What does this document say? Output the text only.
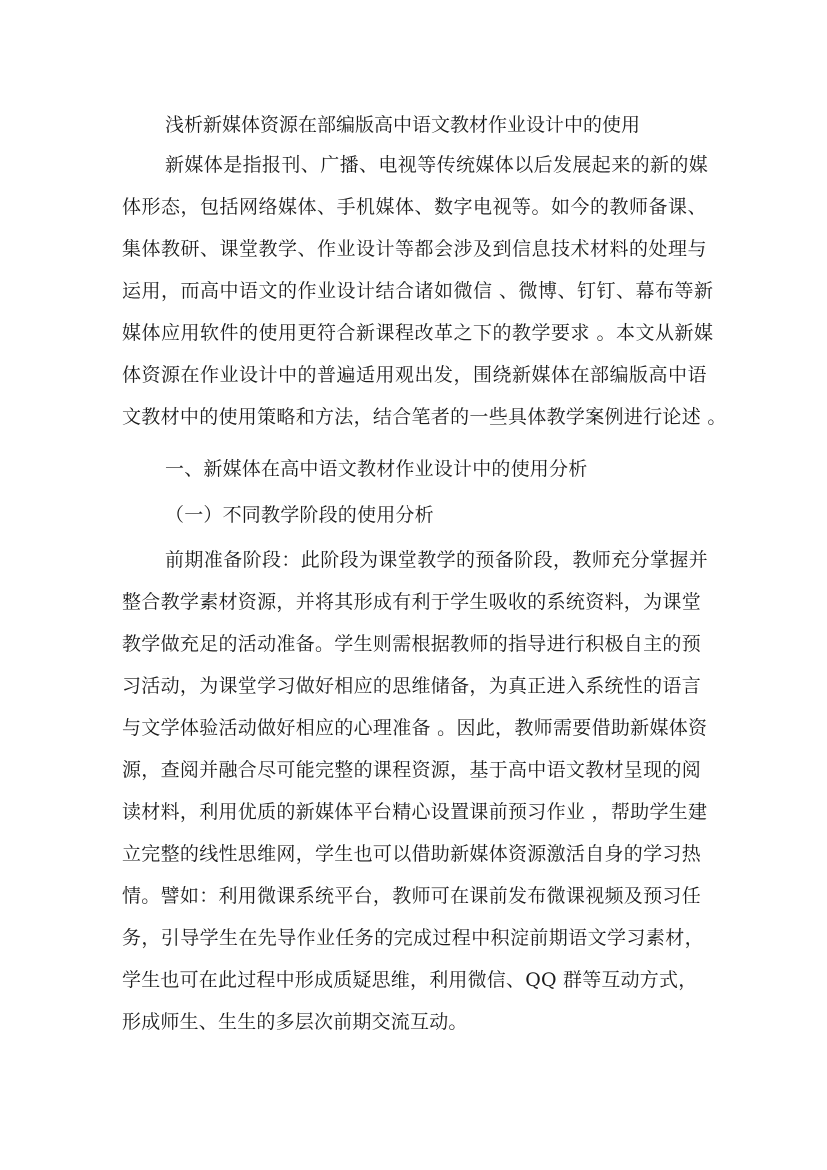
浅析新媒体资源在部编版高中语文教材作业设计中的使用

新媒体是指报刊、广播、电视等传统媒体以后发展起来的新的媒

体形态，包括网络媒体、手机媒体、数字电视等。如今的教师备课、

集体教研、课堂教学、作业设计等都会涉及到信息技术材料的处理与

运用，而高中语文的作业设计结合诸如微信 、微博、钉钉、幕布等新

媒体应用软件的使用更符合新课程改革之下的教学要求 。本文从新媒

体资源在作业设计中的普遍适用观出发，围绕新媒体在部编版高中语

文教材中的使用策略和方法，结合笔者的一些具体教学案例进行论述 。

一、新媒体在高中语文教材作业设计中的使用分析

（一）不同教学阶段的使用分析

前期准备阶段：此阶段为课堂教学的预备阶段，教师充分掌握并

整合教学素材资源，并将其形成有利于学生吸收的系统资料，为课堂

教学做充足的活动准备。学生则需根据教师的指导进行积极自主的预

习活动，为课堂学习做好相应的思维储备，为真正进入系统性的语言

与文学体验活动做好相应的心理准备 。因此，教师需要借助新媒体资

源，查阅并融合尽可能完整的课程资源，基于高中语文教材呈现的阅

读材料，利用优质的新媒体平台精心设置课前预习作业 ，帮助学生建

立完整的线性思维网，学生也可以借助新媒体资源激活自身的学习热

情。譬如：利用微课系统平台，教师可在课前发布微课视频及预习任

务，引导学生在先导作业任务的完成过程中积淀前期语文学习素材，

学生也可在此过程中形成质疑思维，利用微信、QQ 群等互动方式，

形成师生、生生的多层次前期交流互动。
